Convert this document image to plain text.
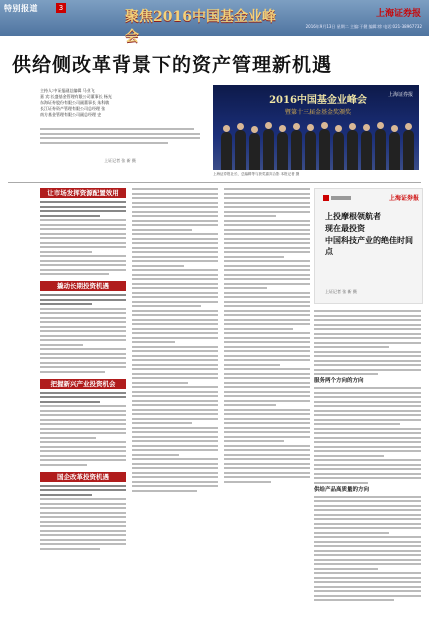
特别报道	3
聚焦2016中国基金业峰会
上海证券报
2016年9月13日 星期二 主编:于健 编辑:徐 电话:021-38967732
供给侧改革背景下的资产管理新机遇
主持人:中证报副总编辑 马业飞
嘉 宾:长盛基金管理有限公司董事长 杨光
东海证券股份有限公司副董事长 朱科敏
长江证券资产管理有限公司总经理 张
南方基金管理有限公司副总经理 史
上证记者 张 新 摄
2016中国基金业峰会
暨第十三届金基金奖颁奖
上海证券报
上海证券报社长、总编辑等与获奖嘉宾合影 本报记者 摄
让市场发挥资源配置效用
撬动长期投资机遇
把握新兴产业投资机会
国企改革投资机遇
上海证券报
上投摩根领航者
现在最投资
中国科技产业的绝佳时间点
上证记者 张 新 摄
服务两个方向的方向
供给产品高质量的方向
